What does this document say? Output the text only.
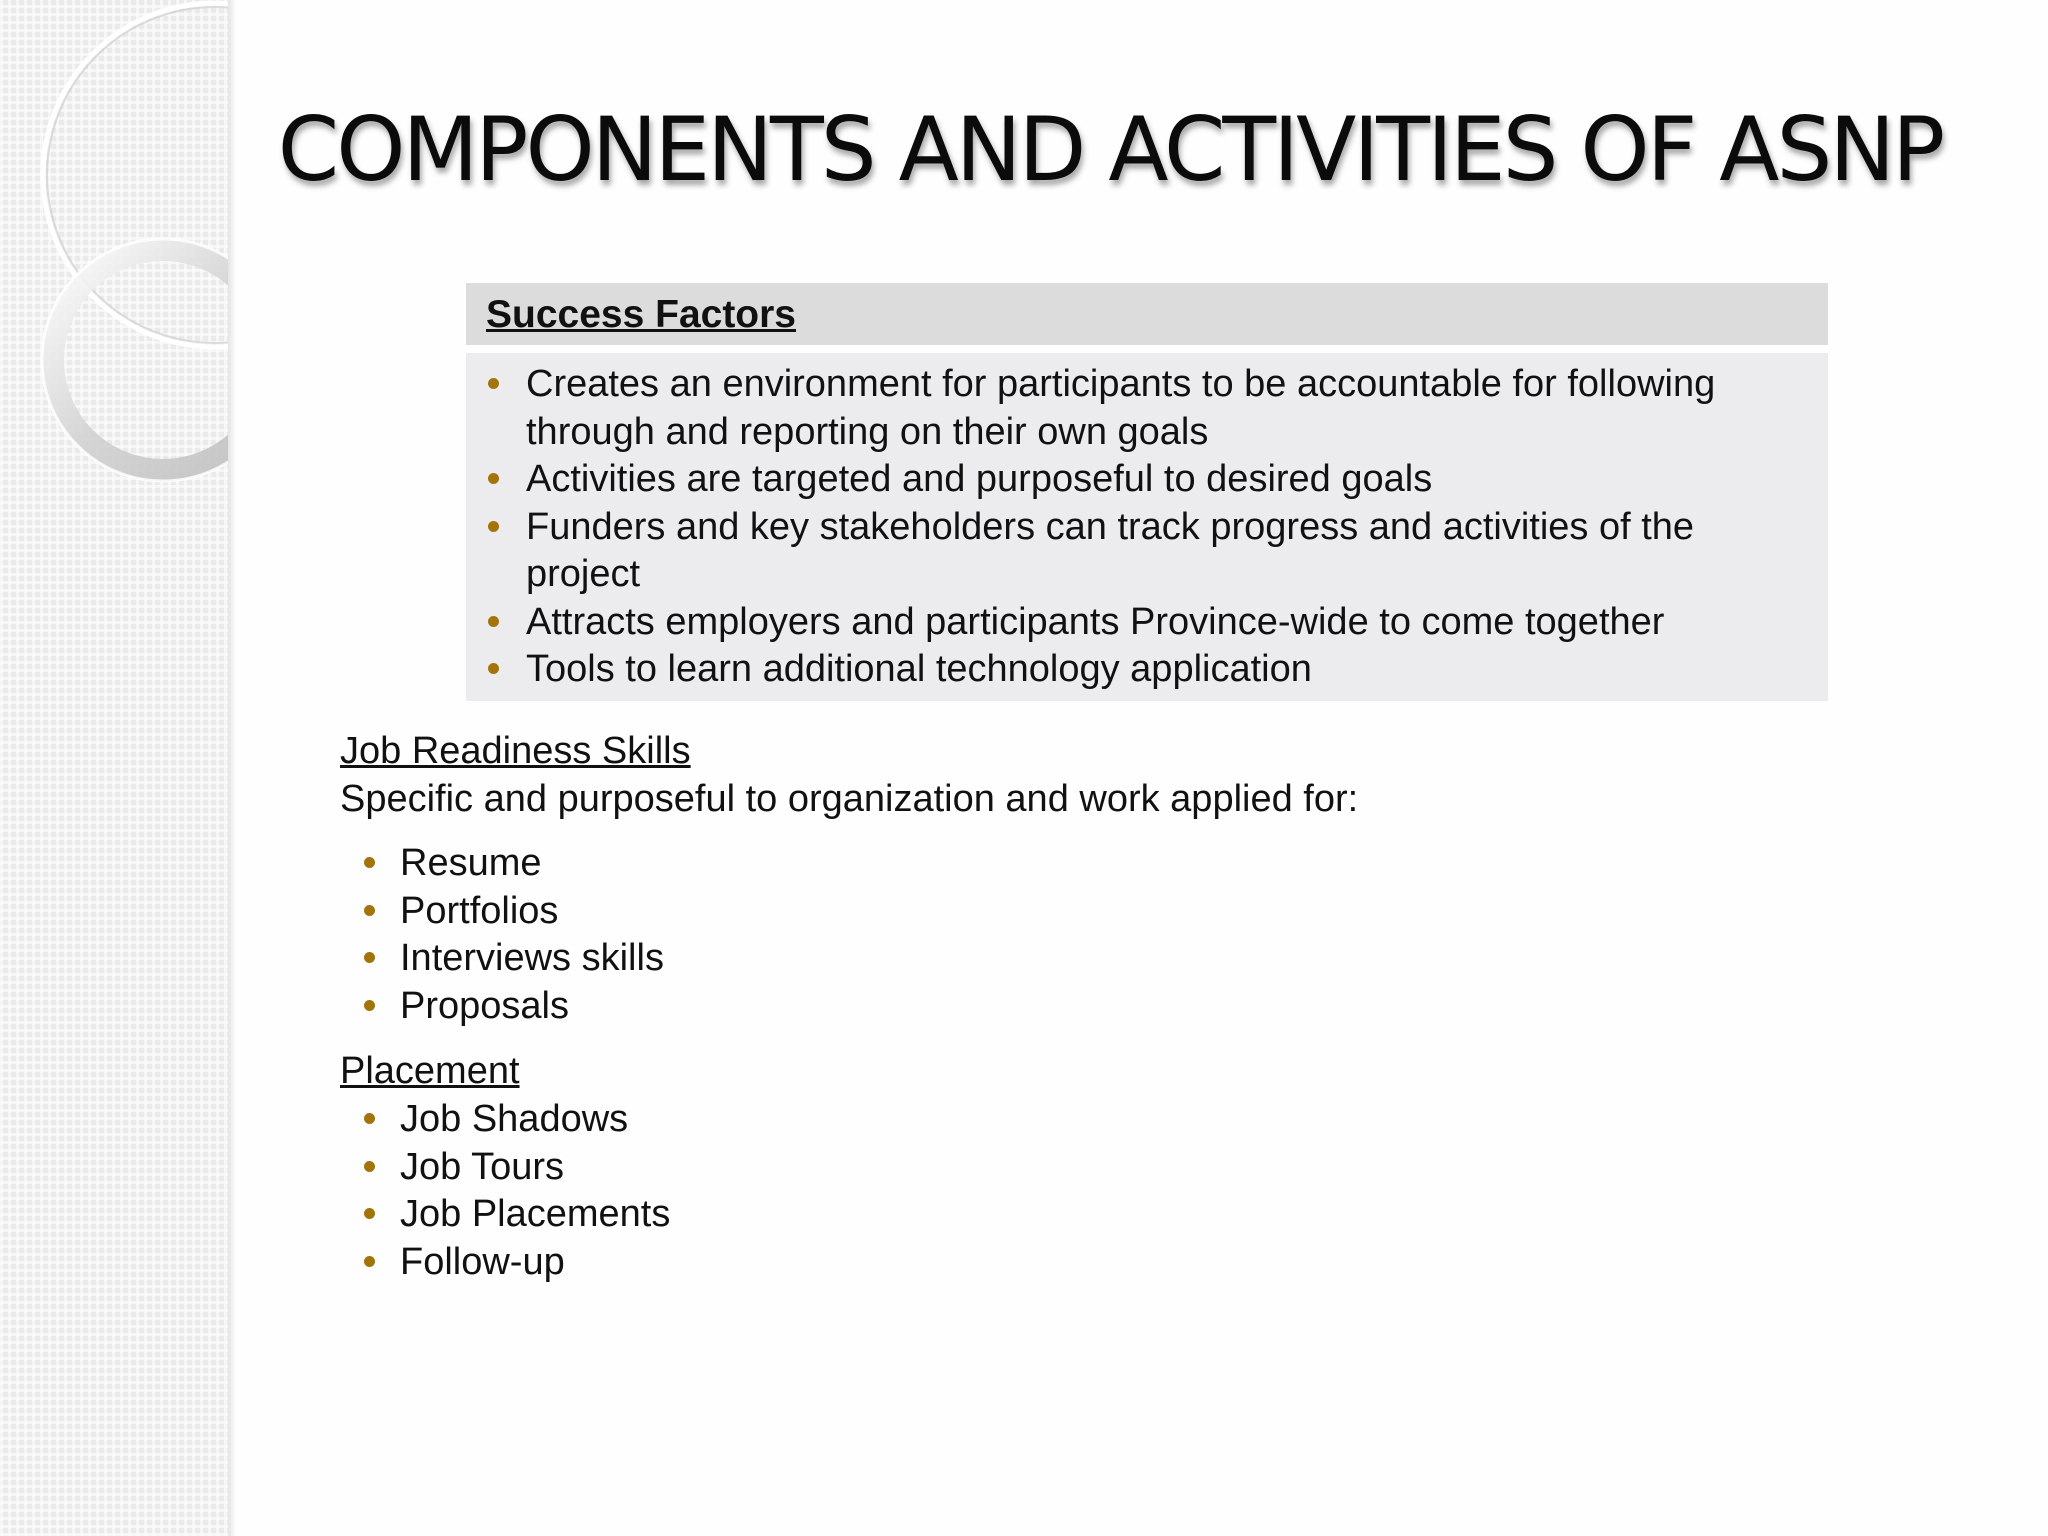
COMPONENTS AND ACTIVITIES OF ASNP
Success Factors
Creates an environment for participants to be accountable for following through and reporting on their own goals
Activities are targeted and purposeful to desired goals
Funders and key stakeholders can track progress and activities of the project
Attracts employers and participants Province-wide to come together
Tools to learn additional technology application
Job Readiness Skills
Specific and purposeful to organization and work applied for:
Resume
Portfolios
Interviews skills
Proposals
Placement
Job Shadows
Job Tours
Job Placements
Follow-up
